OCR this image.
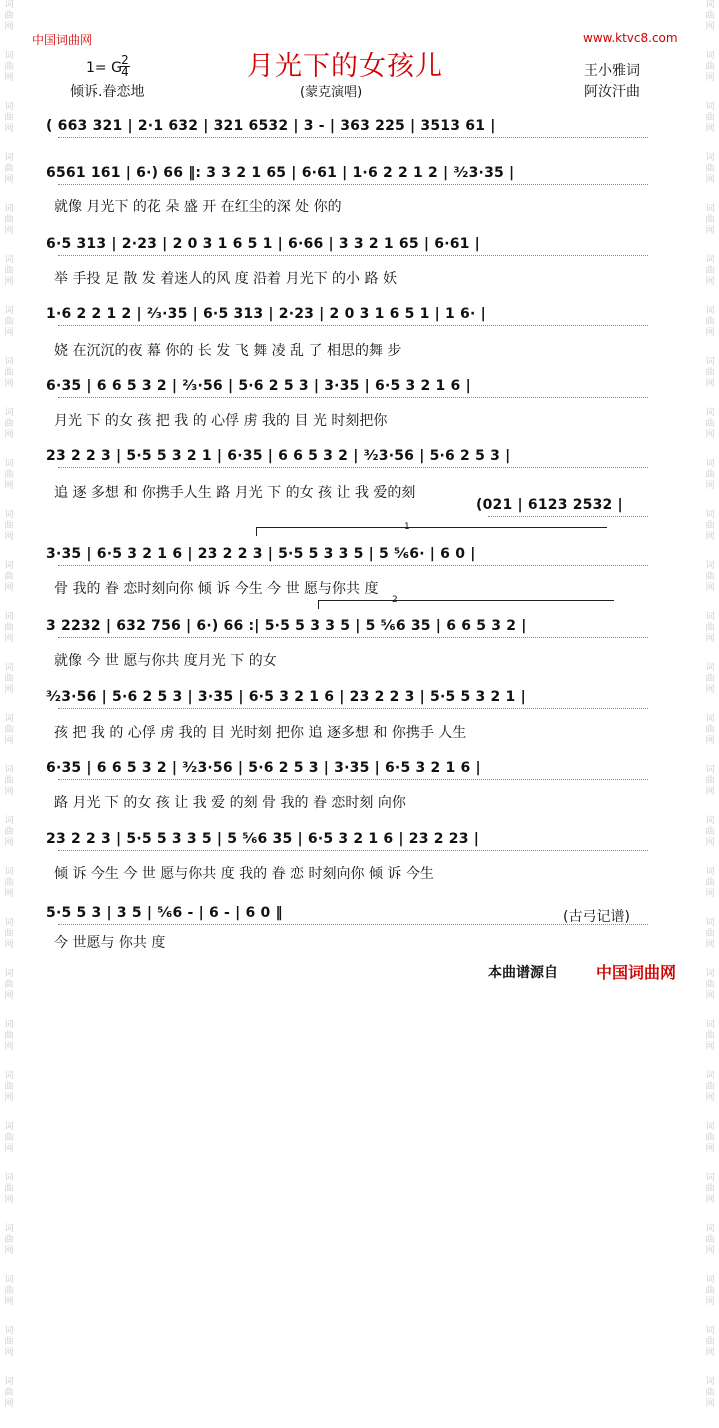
词
曲
网
词
曲
网
词
曲
网
词
曲
网
词
曲
网
词
曲
网
词
曲
网
词
曲
网
词
曲
网
词
曲
网
词
曲
网
词
曲
网
词
曲
网
词
曲
网
词
曲
网
词
曲
网
词
曲
网
词
曲
网
词
曲
网
词
曲
网
词
曲
网
词
曲
网
词
曲
网
词
曲
网
词
曲
网
词
曲
网
词
曲
网
词
曲
网
词
曲
网
词
曲
网
词
曲
网
词
曲
网
词
曲
网
词
曲
网
词
曲
网
词
曲
网
词
曲
网
词
曲
网
词
曲
网
词
曲
网
词
曲
网
词
曲
网
词
曲
网
词
曲
网
词
曲
网
词
曲
网
词
曲
网
词
曲
网
词
曲
网
词
曲
网
词
曲
网
词
曲
网
词
曲
网
词
曲
网
词
曲
网
词
曲
网
中国词曲网	www.ktvc8.com
月光下的女孩儿
(蒙克演唱)
1= G 2
4
倾诉.眷恋地
王小雅词
阿汝汗曲
( 663 321 | 2·1 632 | 321 6532 | 3 - | 363 225 | 3513 61 |
6561 161 | 6·) 66 ‖: 3 3 2 1 65 | 6·61 | 1·6 2 2 1 2 | ³⁄₂3·35 |
就像 月光下 的花 朵 盛 开 在红尘的深 处 你的
6·5 313 | 2·23 | 2 0 3 1 6 5 1 | 6·66 | 3 3 2 1 65 | 6·61 |
举 手投 足 散 发 着迷人的风 度 沿着 月光下 的小 路 妖
1·6 2 2 1 2 | ²⁄₃·35 | 6·5 313 | 2·23 | 2 0 3 1 6 5 1 | 1 6· |
娆 在沉沉的夜 幕 你的 长 发 飞 舞 凌 乱 了 相思的舞 步
6·35 | 6 6 5 3 2 | ²⁄₃·56 | 5·6 2 5 3 | 3·35 | 6·5 3 2 1 6 |
月光 下 的女 孩 把 我 的 心俘 虏 我的 目 光 时刻把你
23 2 2 3 | 5·5 5 3 2 1 | 6·35 | 6 6 5 3 2 | ³⁄₂3·56 | 5·6 2 5 3 |
追 逐 多想 和 你携手人生 路 月光 下 的女 孩 让 我 爱的刻
(021 | 6123 2532 |
3·35 | 6·5 3 2 1 6 | 23 2 2 3 | 5·5 5 3 3 5 | 5 ⁵⁄₆6· | 6 0 |
骨 我的 眷 恋时刻向你 倾 诉 今生 今 世 愿与你共 度
3 2232 | 632 756 | 6·) 66 :| 5·5 5 3 3 5 | 5 ⁵⁄₆6 35 | 6 6 5 3 2 |
就像 今 世 愿与你共 度月光 下 的女
³⁄₂3·56 | 5·6 2 5 3 | 3·35 | 6·5 3 2 1 6 | 23 2 2 3 | 5·5 5 3 2 1 |
孩 把 我 的 心俘 虏 我的 目 光时刻 把你 追 逐多想 和 你携手 人生
6·35 | 6 6 5 3 2 | ³⁄₂3·56 | 5·6 2 5 3 | 3·35 | 6·5 3 2 1 6 |
路 月光 下 的女 孩 让 我 爱 的刻 骨 我的 眷 恋时刻 向你
23 2 2 3 | 5·5 5 3 3 5 | 5 ⁵⁄₆6 35 | 6·5 3 2 1 6 | 23 2 23 |
倾 诉 今生 今 世 愿与你共 度 我的 眷 恋 时刻向你 倾 诉 今生
5·5 5 3 | 3 5 | ⁵⁄₆6 - | 6 - | 6 0 ‖
今 世愿与 你共 度
1
2
(古弓记谱)
本曲谱源自 中国词曲网
